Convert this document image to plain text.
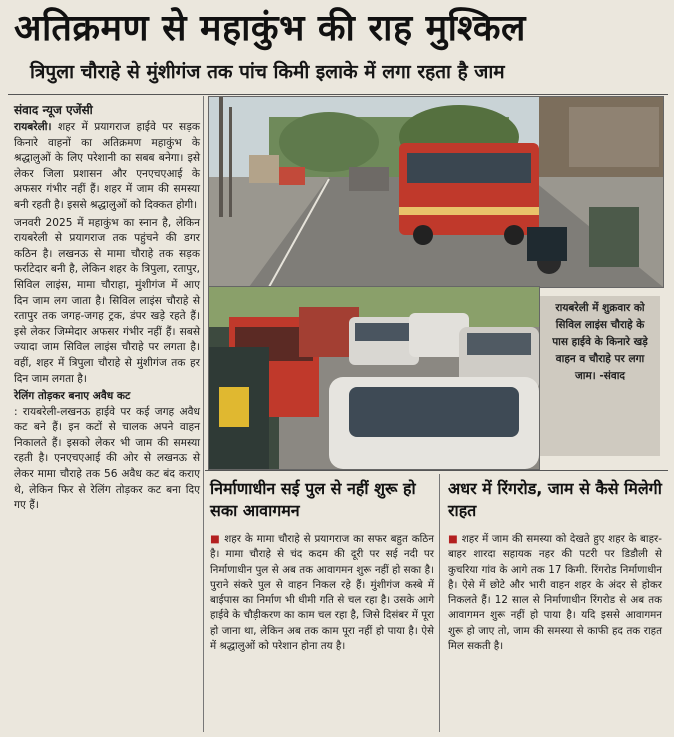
अतिक्रमण से महाकुंभ की राह मुश्किल
त्रिपुला चौराहे से मुंशीगंज तक पांच किमी इलाके में लगा रहता है जाम
संवाद न्यूज एजेंसी

रायबरेली। शहर में प्रयागराज हाईवे पर सड़क किनारे वाहनों का अतिक्रमण महाकुंभ के श्रद्धालुओं के लिए परेशानी का सबब बनेगा। इसे लेकर जिला प्रशासन और एनएचएआई के अफसर गंभीर नहीं हैं। शहर में जाम की समस्या बनी रहती है। इससे श्रद्धालुओं को दिक्कत होगी।

जनवरी 2025 में महाकुंभ का स्नान है, लेकिन रायबरेली से प्रयागराज तक पहुंचने की डगर कठिन है। लखनऊ से मामा चौराहे तक सड़क फर्राटेदार बनी है, लेकिन शहर के त्रिपुला, रतापुर, सिविल लाइंस, मामा चौराहा, मुंशीगंज में आए दिन जाम लग जाता है। सिविल लाइंस चौराहे से रतापुर तक जगह-जगह ट्रक, डंपर खड़े रहते हैं। इसे लेकर जिम्मेदार अफसर गंभीर नहीं हैं। सबसे ज्यादा जाम सिविल लाइंस चौराहे पर लगता है। वहीं, शहर में त्रिपुला चौराहे से मुंशीगंज तक हर दिन जाम लगता है।

रेलिंग तोड़कर बनाए अवैध कट
: रायबरेली-लखनऊ हाईवे पर कई जगह अवैध कट बने हैं। इन कटों से चालक अपने वाहन निकालते हैं। इसको लेकर भी जाम की समस्या रहती है। एनएचएआई की ओर से लखनऊ से लेकर मामा चौराहे तक 56 अवैध कट बंद कराए थे, लेकिन फिर से रेलिंग तोड़कर कट बना दिए गए हैं।

रायबरेली में शुक्रवार को सिविल लाइंस चौराहे के पास हाईवे के किनारे खड़े वाहन व चौराहे पर लगा जाम। -संवाद
निर्माणाधीन सई पुल से नहीं शुरू हो सका आवागमन
■ शहर के मामा चौराहे से प्रयागराज का सफर बहुत कठिन है। मामा चौराहे से चंद कदम की दूरी पर सई नदी पर निर्माणाधीन पुल से अब तक आवागमन शुरू नहीं हो सका है। पुराने संकरे पुल से वाहन निकल रहे हैं। मुंशीगंज कस्बे में बाईपास का निर्माण भी धीमी गति से चल रहा है। उसके आगे हाईवे के चौड़ीकरण का काम चल रहा है, जिसे दिसंबर में पूरा हो जाना था, लेकिन अब तक काम पूरा नहीं हो पाया है। ऐसे में श्रद्धालुओं को परेशान होना तय है।
अधर में रिंगरोड, जाम से कैसे मिलेगी राहत
■ शहर में जाम की समस्या को देखते हुए शहर के बाहर-बाहर शारदा सहायक नहर की पटरी पर डिडौली से कुचरिया गांव के आगे तक 17 किमी. रिंगरोड निर्माणाधीन है। ऐसे में छोटे और भारी वाहन शहर के अंदर से होकर निकलते हैं। 12 साल से निर्माणाधीन रिंगरोड से अब तक आवागमन शुरू नहीं हो पाया है। यदि इससे आवागमन शुरू हो जाए तो, जाम की समस्या से काफी हद तक राहत मिल सकती है।
